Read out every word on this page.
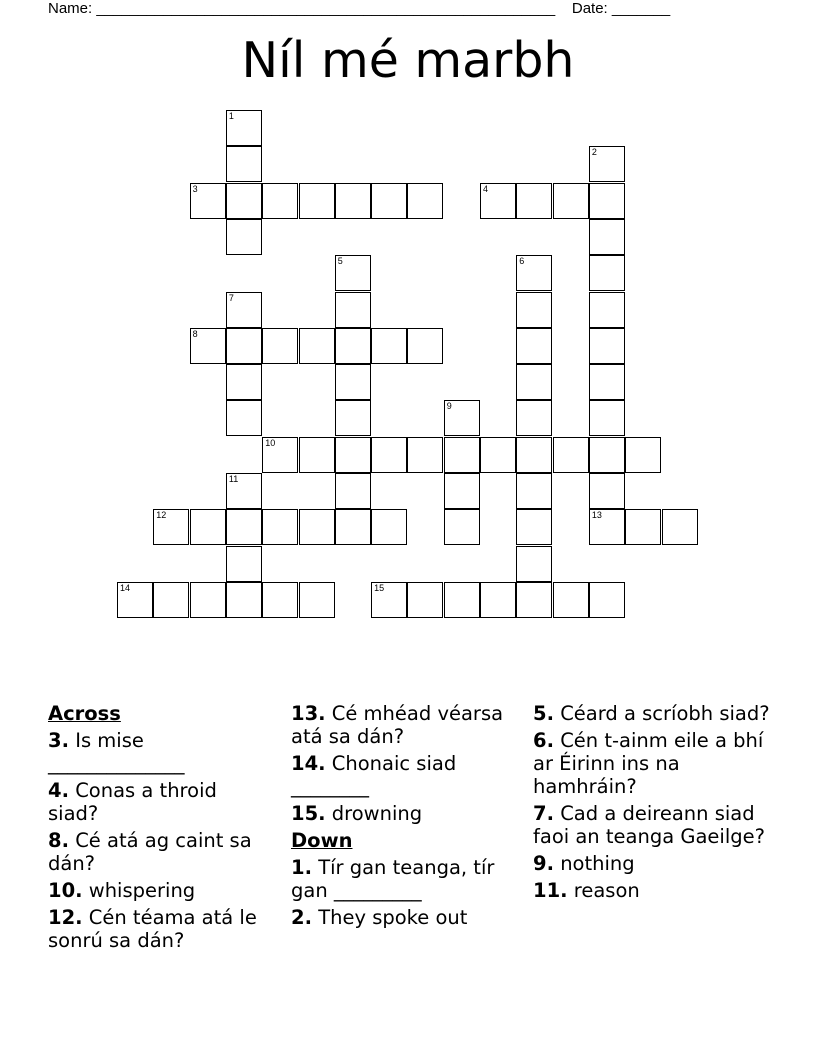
Name: _______________________________________________________ Date: _______
Níl mé marbh
1
2
3	4
5	6
7
8
9
10
11
12	13
14	15
Across
3. Is mise ______________
4. Conas a throid siad?
8. Cé atá ag caint sa dán?
10. whispering
12. Cén téama atá le sonrú sa dán?
13. Cé mhéad véarsa atá sa dán?
14. Chonaic siad ________
15. drowning
Down
1. Tír gan teanga, tír gan _________
2. They spoke out
5. Céard a scríobh siad?
6. Cén t-ainm eile a bhí ar Éirinn ins na hamhráin?
7. Cad a deireann siad faoi an teanga Gaeilge?
9. nothing
11. reason
